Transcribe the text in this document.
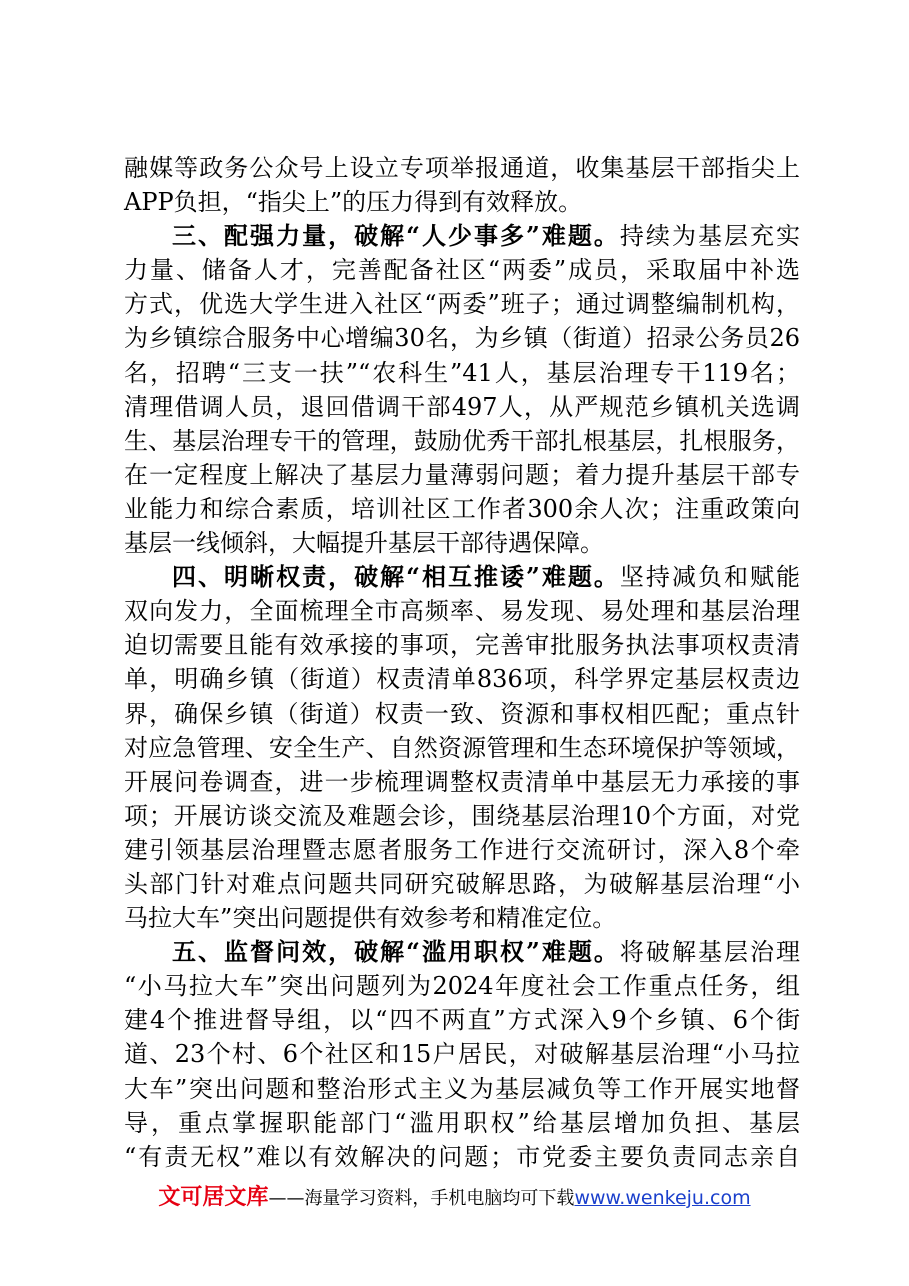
融媒等政务公众号上设立专项举报通道，收集基层干部指尖上
APP负担，“指尖上”的压力得到有效释放。
三、配强力量，破解“人少事多”难题。持续为基层充实
力量、储备人才，完善配备社区“两委”成员，采取届中补选
方式，优选大学生进入社区“两委”班子；通过调整编制机构，
为乡镇综合服务中心增编30名，为乡镇（街道）招录公务员26
名，招聘“三支一扶”“农科生”41人，基层治理专干119名；
清理借调人员，退回借调干部497人，从严规范乡镇机关选调
生、基层治理专干的管理，鼓励优秀干部扎根基层，扎根服务，
在一定程度上解决了基层力量薄弱问题；着力提升基层干部专
业能力和综合素质，培训社区工作者300余人次；注重政策向
基层一线倾斜，大幅提升基层干部待遇保障。
四、明晰权责，破解“相互推诿”难题。坚持减负和赋能
双向发力，全面梳理全市高频率、易发现、易处理和基层治理
迫切需要且能有效承接的事项，完善审批服务执法事项权责清
单，明确乡镇（街道）权责清单836项，科学界定基层权责边
界，确保乡镇（街道）权责一致、资源和事权相匹配；重点针
对应急管理、安全生产、自然资源管理和生态环境保护等领域，
开展问卷调查，进一步梳理调整权责清单中基层无力承接的事
项；开展访谈交流及难题会诊，围绕基层治理10个方面，对党
建引领基层治理暨志愿者服务工作进行交流研讨，深入8个牵
头部门针对难点问题共同研究破解思路，为破解基层治理“小
马拉大车”突出问题提供有效参考和精准定位。
五、监督问效，破解“滥用职权”难题。将破解基层治理
“小马拉大车”突出问题列为2024年度社会工作重点任务，组
建4个推进督导组，以“四不两直”方式深入9个乡镇、6个街
道、23个村、6个社区和15户居民，对破解基层治理“小马拉
大车”突出问题和整治形式主义为基层减负等工作开展实地督
导，重点掌握职能部门“滥用职权”给基层增加负担、基层
“有责无权”难以有效解决的问题；市党委主要负责同志亲自
文可居文库——海量学习资料，手机电脑均可下载www.wenkeju.com
